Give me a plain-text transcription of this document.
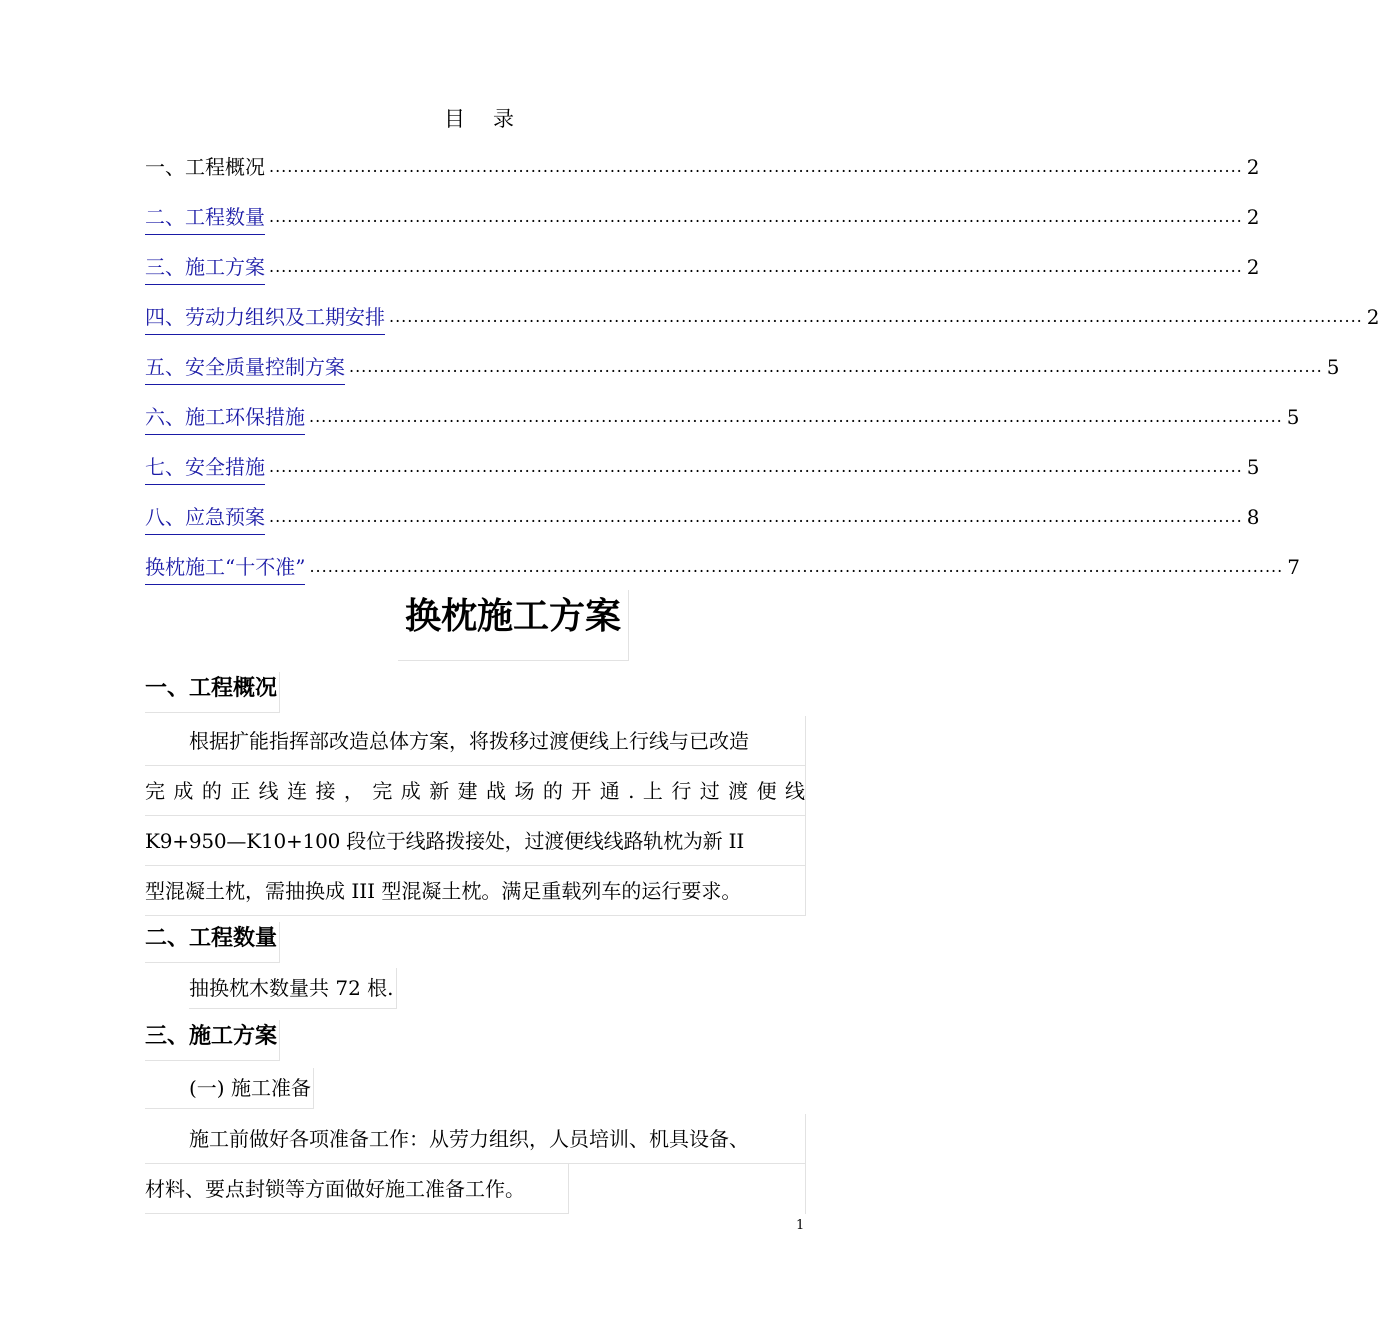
目录
一、工程概况 ................................................................................................................................................................ 2
二、工程数量 ................................................................................................................................................................ 2
三、施工方案 ................................................................................................................................................................ 2
四、劳动力组织及工期安排 ................................................................................................................................................................ 2
五、安全质量控制方案 ................................................................................................................................................................ 5
六、施工环保措施 ................................................................................................................................................................ 5
七、安全措施 ................................................................................................................................................................ 5
八、应急预案 ................................................................................................................................................................ 8
换枕施工“十不准” ................................................................................................................................................................ 7
换枕施工方案
一、工程概况
根据扩能指挥部改造总体方案，将拨移过渡便线上行线与已改造
完成的正线连接，完成新建战场的开通.上行过渡便线
K9+950—K10+100 段位于线路拨接处，过渡便线线路轨枕为新 II
型混凝土枕，需抽换成 III 型混凝土枕。满足重载列车的运行要求。
二、工程数量
抽换枕木数量共 72 根.
三、施工方案
(一) 施工准备
施工前做好各项准备工作：从劳力组织，人员培训、机具设备、
材料、要点封锁等方面做好施工准备工作。
1
